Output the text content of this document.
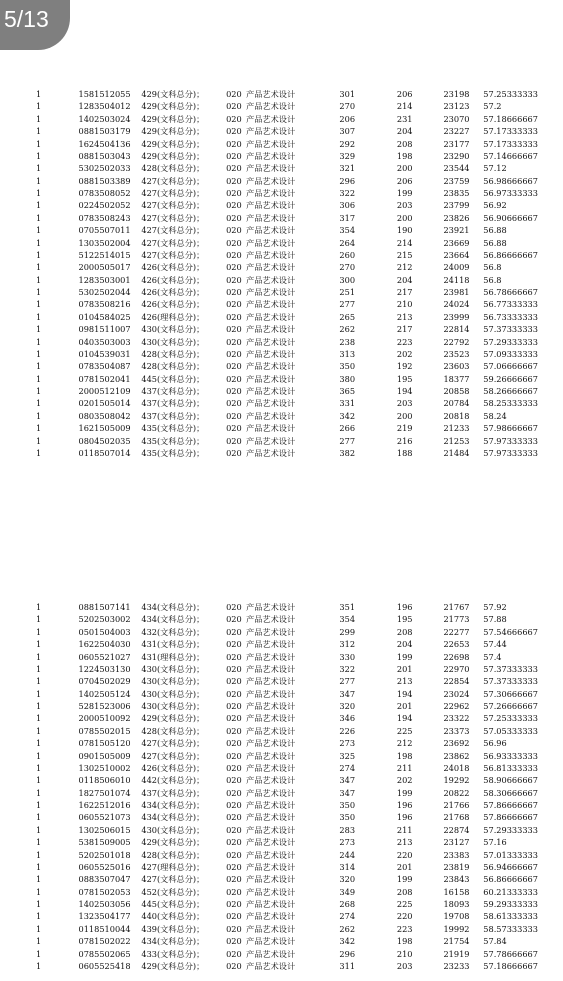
5/13
1	1581512055	429(文科总分)；	020	产品艺术设计	301	206	23198	57.25333333
1	1283504012	429(文科总分)；	020	产品艺术设计	270	214	23123	57.2
1	1402503024	429(文科总分)；	020	产品艺术设计	206	231	23070	57.18666667
1	0881503179	429(文科总分)；	020	产品艺术设计	307	204	23227	57.17333333
1	1624504136	429(文科总分)；	020	产品艺术设计	292	208	23177	57.17333333
1	0881503043	429(文科总分)；	020	产品艺术设计	329	198	23290	57.14666667
1	5302502033	428(文科总分)；	020	产品艺术设计	321	200	23544	57.12
1	0881503389	427(文科总分)；	020	产品艺术设计	296	206	23759	56.98666667
1	0783508052	427(文科总分)；	020	产品艺术设计	322	199	23835	56.97333333
1	0224502052	427(文科总分)；	020	产品艺术设计	306	203	23799	56.92
1	0783508243	427(文科总分)；	020	产品艺术设计	317	200	23826	56.90666667
1	0705507011	427(文科总分)；	020	产品艺术设计	354	190	23921	56.88
1	1303502004	427(文科总分)；	020	产品艺术设计	264	214	23669	56.88
1	5122514015	427(文科总分)；	020	产品艺术设计	260	215	23664	56.86666667
1	2000505017	426(文科总分)；	020	产品艺术设计	270	212	24009	56.8
1	1283503001	426(文科总分)；	020	产品艺术设计	300	204	24118	56.8
1	5302502044	426(文科总分)；	020	产品艺术设计	251	217	23981	56.78666667
1	0783508216	426(文科总分)；	020	产品艺术设计	277	210	24024	56.77333333
1	0104584025	426(理科总分)；	020	产品艺术设计	265	213	23999	56.73333333
1	0981511007	430(文科总分)；	020	产品艺术设计	262	217	22814	57.37333333
1	0403503003	430(文科总分)；	020	产品艺术设计	238	223	22792	57.29333333
1	0104539031	428(文科总分)；	020	产品艺术设计	313	202	23523	57.09333333
1	0783504087	428(文科总分)；	020	产品艺术设计	350	192	23603	57.06666667
1	0781502041	445(文科总分)；	020	产品艺术设计	380	195	18377	59.26666667
1	2000512109	437(文科总分)；	020	产品艺术设计	365	194	20858	58.26666667
1	0201505014	437(文科总分)；	020	产品艺术设计	331	203	20784	58.25333333
1	0803508042	437(文科总分)；	020	产品艺术设计	342	200	20818	58.24
1	1621505009	435(文科总分)；	020	产品艺术设计	266	219	21233	57.98666667
1	0804502035	435(文科总分)；	020	产品艺术设计	277	216	21253	57.97333333
1	0118507014	435(文科总分)；	020	产品艺术设计	382	188	21484	57.97333333
1	0881507141	434(文科总分)；	020	产品艺术设计	351	196	21767	57.92
1	5202503002	434(文科总分)；	020	产品艺术设计	354	195	21773	57.88
1	0501504003	432(文科总分)；	020	产品艺术设计	299	208	22277	57.54666667
1	1622504030	431(文科总分)；	020	产品艺术设计	312	204	22653	57.44
1	0605521027	431(理科总分)；	020	产品艺术设计	330	199	22698	57.4
1	1224503130	430(文科总分)；	020	产品艺术设计	322	201	22970	57.37333333
1	0704502029	430(文科总分)；	020	产品艺术设计	277	213	22854	57.37333333
1	1402505124	430(文科总分)；	020	产品艺术设计	347	194	23024	57.30666667
1	5281523006	430(文科总分)；	020	产品艺术设计	320	201	22962	57.26666667
1	2000510092	429(文科总分)；	020	产品艺术设计	346	194	23322	57.25333333
1	0785502015	428(文科总分)；	020	产品艺术设计	226	225	23373	57.05333333
1	0781505120	427(文科总分)；	020	产品艺术设计	273	212	23692	56.96
1	0901505009	427(文科总分)；	020	产品艺术设计	325	198	23862	56.93333333
1	1302510002	426(文科总分)；	020	产品艺术设计	274	211	24018	56.81333333
1	0118506010	442(文科总分)；	020	产品艺术设计	347	202	19292	58.90666667
1	1827501074	437(文科总分)；	020	产品艺术设计	347	199	20822	58.30666667
1	1622512016	434(文科总分)；	020	产品艺术设计	350	196	21766	57.86666667
1	0605521073	434(文科总分)；	020	产品艺术设计	350	196	21768	57.86666667
1	1302506015	430(文科总分)；	020	产品艺术设计	283	211	22874	57.29333333
1	5381509005	429(文科总分)；	020	产品艺术设计	273	213	23127	57.16
1	5202501018	428(文科总分)；	020	产品艺术设计	244	220	23383	57.01333333
1	0605525016	427(理科总分)；	020	产品艺术设计	314	201	23819	56.94666667
1	0883507047	427(文科总分)；	020	产品艺术设计	320	199	23843	56.86666667
1	0781502053	452(文科总分)；	020	产品艺术设计	349	208	16158	60.21333333
1	1402503056	445(文科总分)；	020	产品艺术设计	268	225	18093	59.29333333
1	1323504177	440(文科总分)；	020	产品艺术设计	274	220	19708	58.61333333
1	0118510044	439(文科总分)；	020	产品艺术设计	262	223	19992	58.57333333
1	0781502022	434(文科总分)；	020	产品艺术设计	342	198	21754	57.84
1	0785502065	433(文科总分)；	020	产品艺术设计	296	210	21919	57.78666667
1	0605525418	429(文科总分)；	020	产品艺术设计	311	203	23233	57.18666667
